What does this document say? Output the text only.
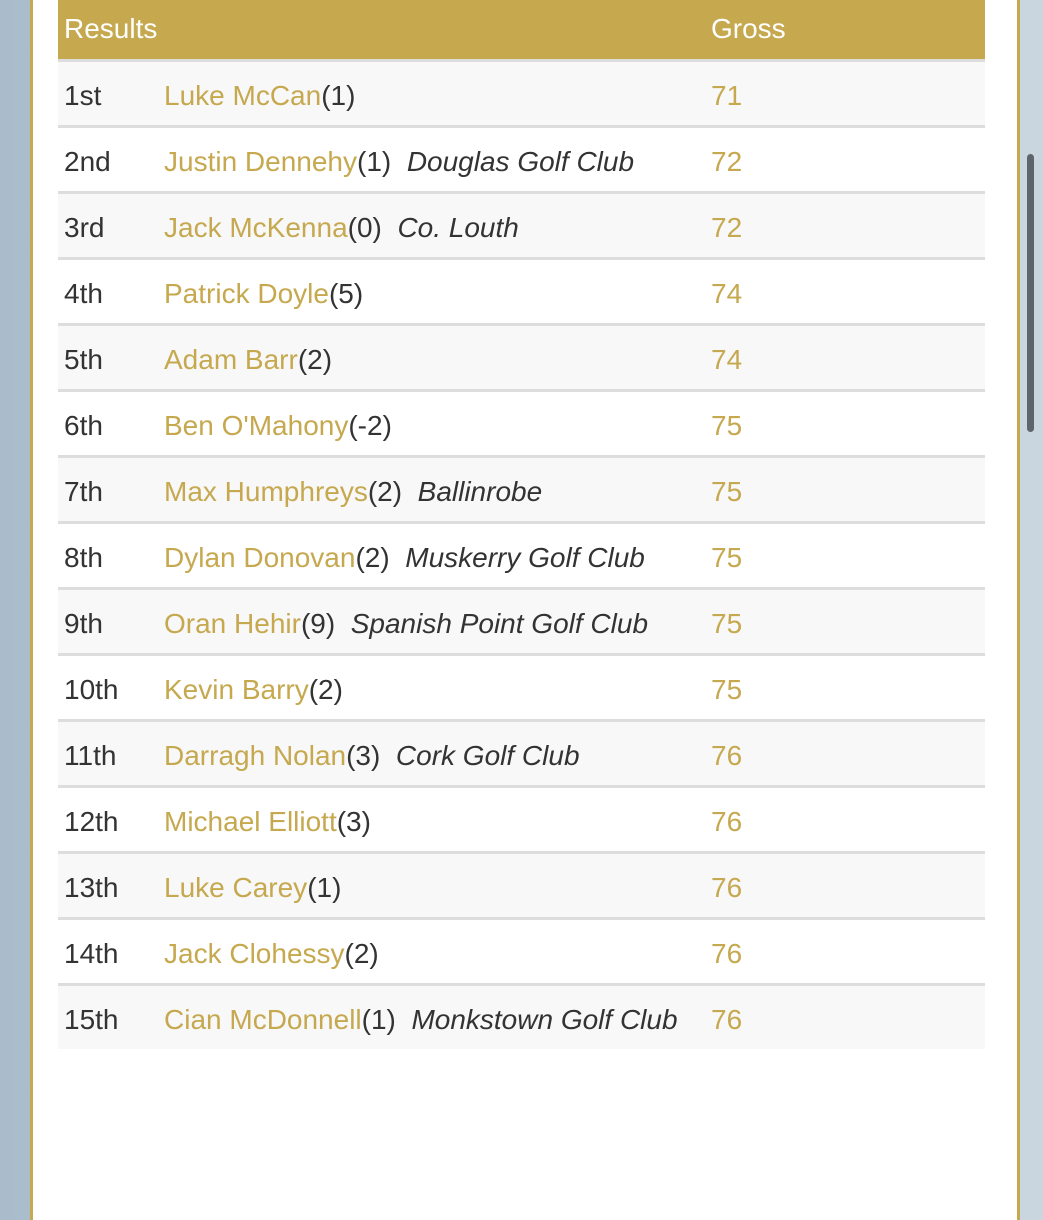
Results		Gross
1st	Luke McCan(1)	71
2nd	Justin Dennehy(1) Douglas Golf Club	72
3rd	Jack McKenna(0) Co. Louth	72
4th	Patrick Doyle(5)	74
5th	Adam Barr(2)	74
6th	Ben O'Mahony(-2)	75
7th	Max Humphreys(2) Ballinrobe	75
8th	Dylan Donovan(2) Muskerry Golf Club	75
9th	Oran Hehir(9) Spanish Point Golf Club	75
10th	Kevin Barry(2)	75
11th	Darragh Nolan(3) Cork Golf Club	76
12th	Michael Elliott(3)	76
13th	Luke Carey(1)	76
14th	Jack Clohessy(2)	76
15th	Cian McDonnell(1) Monkstown Golf Club	76
